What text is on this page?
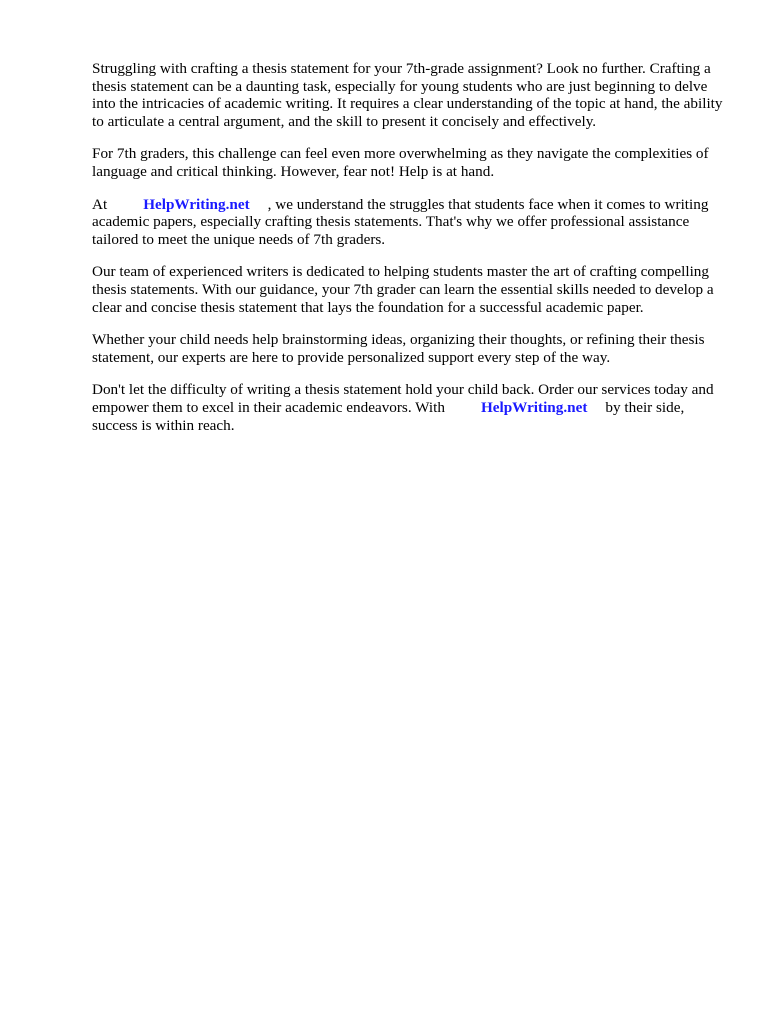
Struggling with crafting a thesis statement for your 7th-grade assignment? Look no further. Crafting a thesis statement can be a daunting task, especially for young students who are just beginning to delve into the intricacies of academic writing. It requires a clear understanding of the topic at hand, the ability to articulate a central argument, and the skill to present it concisely and effectively.

For 7th graders, this challenge can feel even more overwhelming as they navigate the complexities of language and critical thinking. However, fear not! Help is at hand.

At HelpWriting.net , we understand the struggles that students face when it comes to writing academic papers, especially crafting thesis statements. That's why we offer professional assistance tailored to meet the unique needs of 7th graders.

Our team of experienced writers is dedicated to helping students master the art of crafting compelling thesis statements. With our guidance, your 7th grader can learn the essential skills needed to develop a clear and concise thesis statement that lays the foundation for a successful academic paper.

Whether your child needs help brainstorming ideas, organizing their thoughts, or refining their thesis statement, our experts are here to provide personalized support every step of the way.

Don't let the difficulty of writing a thesis statement hold your child back. Order our services today and empower them to excel in their academic endeavors. With HelpWriting.net by their side, success is within reach.
